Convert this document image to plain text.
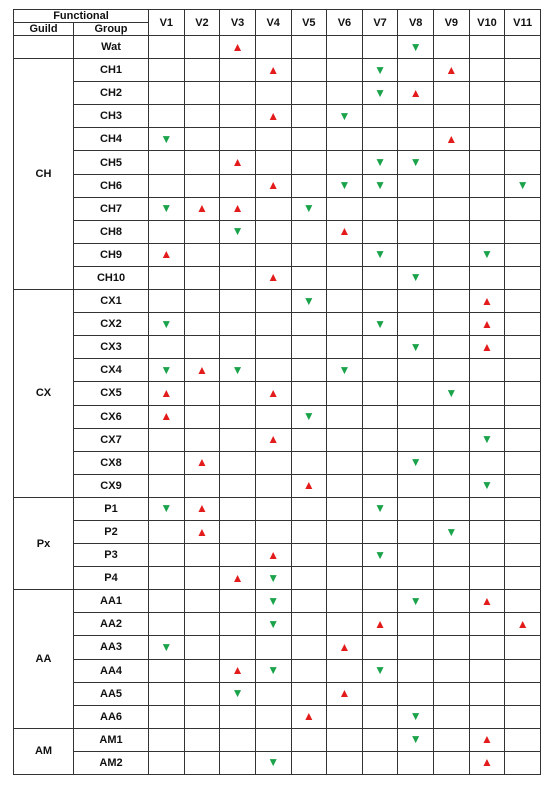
Functional		V1	V2	V3	V4	V5	V6	V7	V8	V9	V10	V11
Guild	Group											
	Wat			▲					▼			
CH	CH1				▲			▼		▲		
	CH2							▼	▲			
	CH3				▲		▼					
	CH4	▼								▲		
	CH5			▲				▼	▼			
	CH6				▲		▼	▼				▼
	CH7	▼	▲	▲		▼						
	CH8			▼			▲					
	CH9	▲						▼			▼	
	CH10				▲				▼			
CX	CX1					▼					▲	
	CX2	▼						▼			▲	
	CX3								▼		▲	
	CX4	▼	▲	▼			▼					
	CX5	▲			▲					▼		
	CX6	▲				▼						
	CX7				▲						▼	
	CX8		▲						▼			
	CX9					▲					▼	
Px	P1	▼	▲					▼				
	P2		▲							▼		
	P3				▲			▼				
	P4			▲	▼							
AA	AA1				▼				▼		▲	
	AA2				▼			▲				▲
	AA3	▼					▲					
	AA4			▲	▼			▼				
	AA5			▼			▲					
	AA6					▲			▼			
AM	AM1								▼		▲	
	AM2				▼						▲	
